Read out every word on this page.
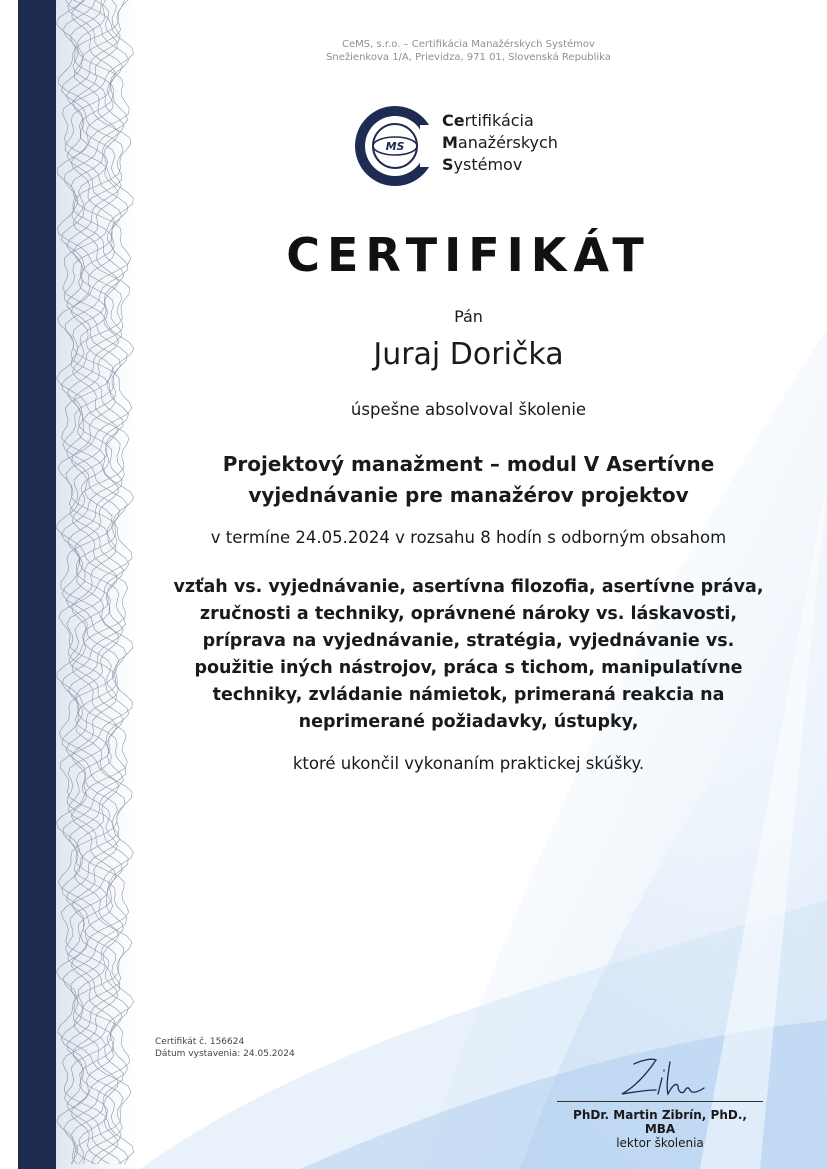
CeMS, s.r.o. – Certifikácia Manažérskych Systémov
Snežienkova 1/A, Prievidza, 971 01, Slovenská Republika
MS
Certifikácia
Manažérskych
Systémov
CERTIFIKÁT
Pán
Juraj Dorička
úspešne absolvoval školenie
Projektový manažment – modul V Asertívne
vyjednávanie pre manažérov projektov
v termíne 24.05.2024 v rozsahu 8 hodín s odborným obsahom
vzťah vs. vyjednávanie, asertívna filozofia, asertívne práva,
zručnosti a techniky, oprávnené nároky vs. láskavosti,
príprava na vyjednávanie, stratégia, vyjednávanie vs.
použitie iných nástrojov, práca s tichom, manipulatívne
techniky, zvládanie námietok, primeraná reakcia na
neprimerané požiadavky, ústupky,
ktoré ukončil vykonaním praktickej skúšky.
Certifikát č. 156624
Dátum vystavenia: 24.05.2024
PhDr. Martin Zibrín, PhD.,
MBA
lektor školenia
